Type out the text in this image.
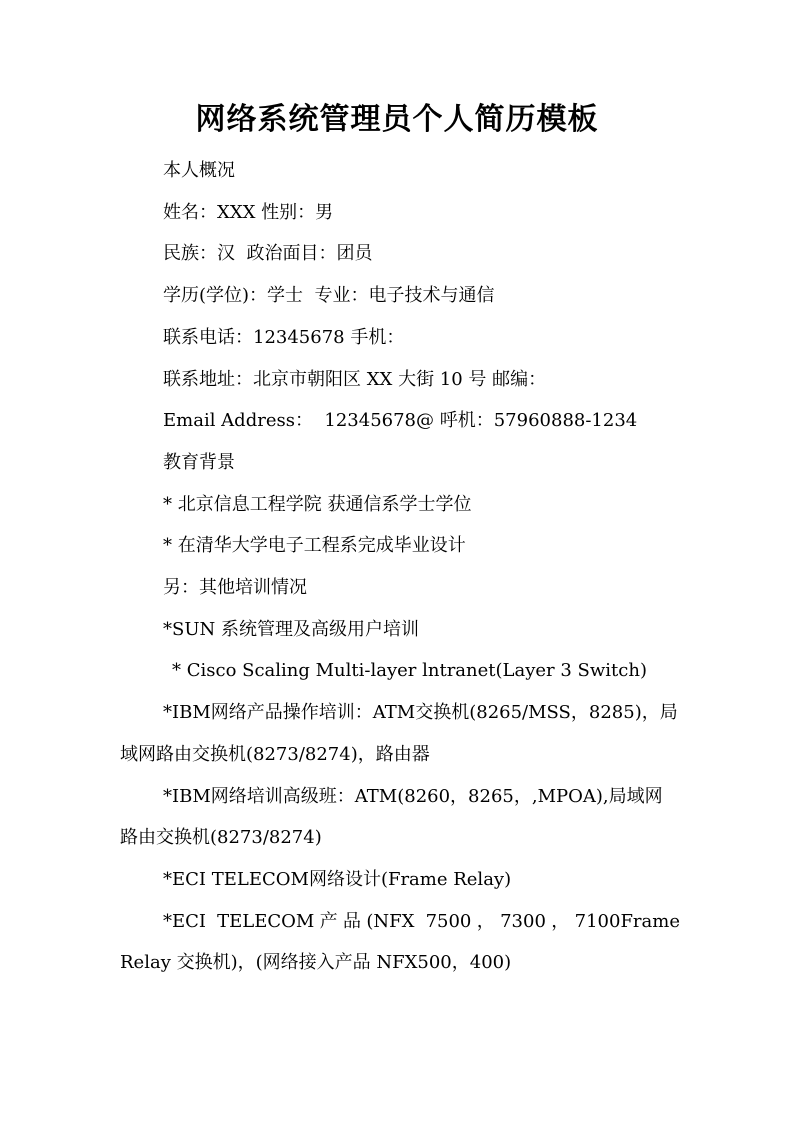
网络系统管理员个人简历模板
本人概况
姓名：XXX 性别：男
民族：汉  政治面目：团员
学历(学位)：学士  专业：电子技术与通信
联系电话：12345678 手机：
联系地址：北京市朝阳区 XX 大街 10 号 邮编：
Email Address：  12345678@ 呼机：57960888-1234
教育背景
* 北京信息工程学院 获通信系学士学位
* 在清华大学电子工程系完成毕业设计
另：其他培训情况
*SUN 系统管理及高级用户培训
* Cisco Scaling Multi-layer lntranet(Layer 3 Switch)
*IBM网络产品操作培训：ATM交换机(8265/MSS，8285)，局域网路由交换机(8273/8274)，路由器
*IBM网络培训高级班：ATM(8260，8265，,MPOA),局域网路由交换机(8273/8274)
*ECI TELECOM网络设计(Frame Relay)
*ECI TELECOM产品(NFX 7500，7300，7100Frame Relay 交换机)，(网络接入产品 NFX500，400)
